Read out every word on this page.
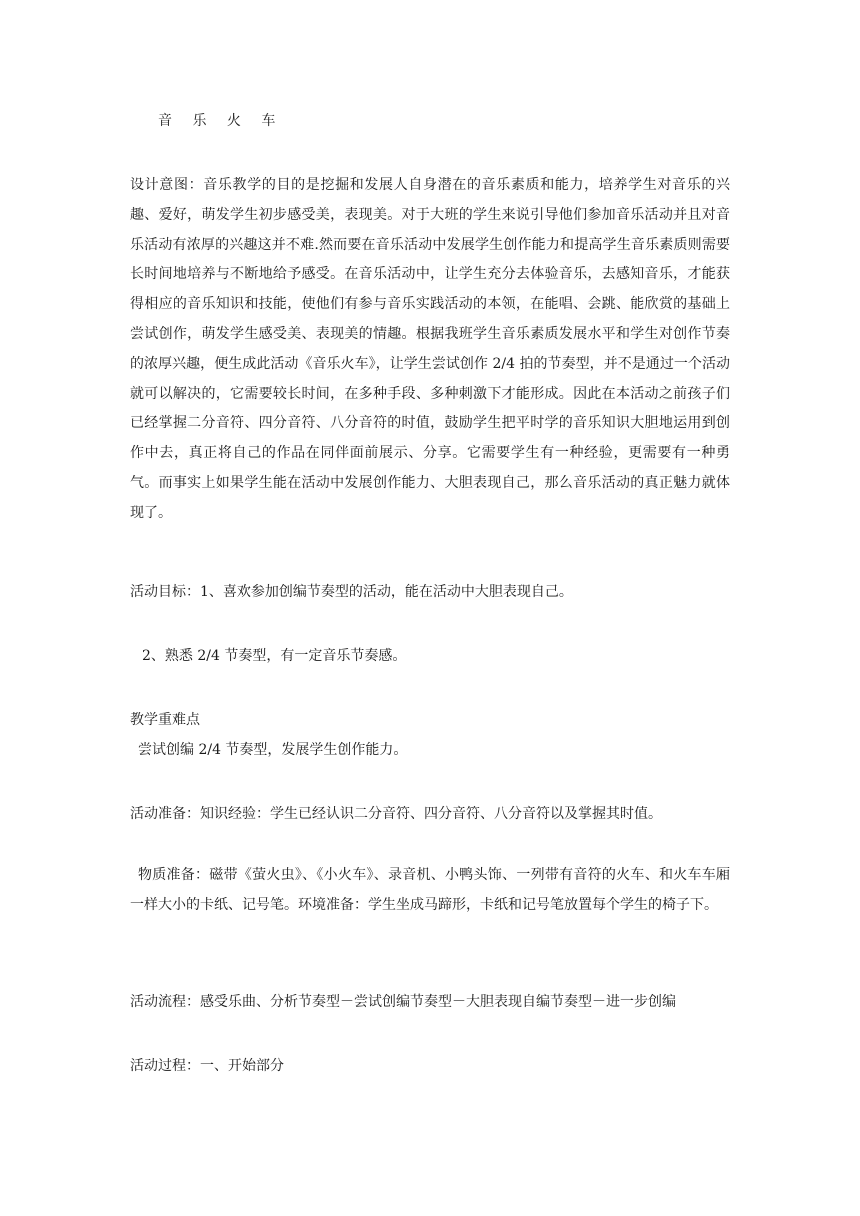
音 乐 火 车
设计意图：音乐教学的目的是挖掘和发展人自身潜在的音乐素质和能力，培养学生对音乐的兴趣、爱好，萌发学生初步感受美，表现美。对于大班的学生来说引导他们参加音乐活动并且对音乐活动有浓厚的兴趣这并不难.然而要在音乐活动中发展学生创作能力和提高学生音乐素质则需要长时间地培养与不断地给予感受。在音乐活动中，让学生充分去体验音乐，去感知音乐，才能获得相应的音乐知识和技能，使他们有参与音乐实践活动的本领，在能唱、会跳、能欣赏的基础上尝试创作，萌发学生感受美、表现美的情趣。根据我班学生音乐素质发展水平和学生对创作节奏的浓厚兴趣，便生成此活动《音乐火车》，让学生尝试创作 2/4 拍的节奏型，并不是通过一个活动就可以解决的，它需要较长时间，在多种手段、多种刺激下才能形成。因此在本活动之前孩子们已经掌握二分音符、四分音符、八分音符的时值，鼓励学生把平时学的音乐知识大胆地运用到创作中去，真正将自己的作品在同伴面前展示、分享。它需要学生有一种经验，更需要有一种勇气。而事实上如果学生能在活动中发展创作能力、大胆表现自己，那么音乐活动的真正魅力就体现了。
活动目标：1、喜欢参加创编节奏型的活动，能在活动中大胆表现自己。
2、熟悉 2/4 节奏型，有一定音乐节奏感。
教学重难点
尝试创编 2/4 节奏型，发展学生创作能力。
活动准备：知识经验：学生已经认识二分音符、四分音符、八分音符以及掌握其时值。
物质准备：磁带《萤火虫》、《小火车》、录音机、小鸭头饰、一列带有音符的火车、和火车车厢一样大小的卡纸、记号笔。环境准备：学生坐成马蹄形，卡纸和记号笔放置每个学生的椅子下。
活动流程：感受乐曲、分析节奏型－尝试创编节奏型－大胆表现自编节奏型－进一步创编
活动过程：一、开始部分
